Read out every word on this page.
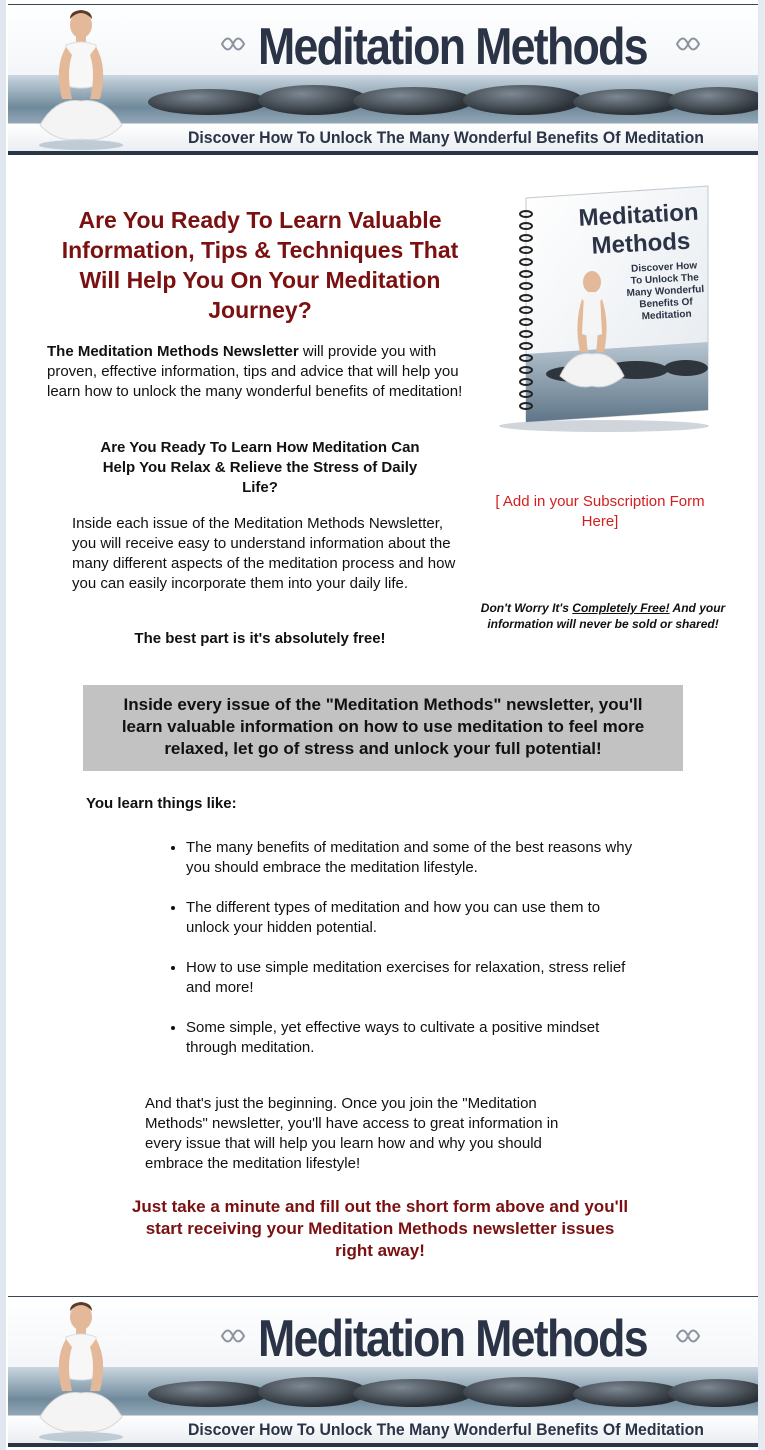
Meditation Methods
Discover How To Unlock The Many Wonderful Benefits Of Meditation
Are You Ready To Learn Valuable Information, Tips & Techniques That Will Help You On Your Meditation Journey?

The Meditation Methods Newsletter will provide you with proven, effective information, tips and advice that will help you learn how to unlock the many wonderful benefits of meditation!

Are You Ready To Learn How Meditation Can Help You Relax & Relieve the Stress of Daily Life?

Inside each issue of the Meditation Methods Newsletter, you will receive easy to understand information about the many different aspects of the meditation process and how you can easily incorporate them into your daily life.

The best part is it's absolutely free!

Meditation
Methods
Discover How To Unlock The Many Wonderful Benefits Of Meditation
[ Add in your Subscription Form Here]
Don't Worry It's Completely Free! And your information will never be sold or shared!
Inside every issue of the "Meditation Methods" newsletter, you'll learn valuable information on how to use meditation to feel more relaxed, let go of stress and unlock your full potential!
You learn things like:
• The many benefits of meditation and some of the best reasons why you should embrace the meditation lifestyle.
• The different types of meditation and how you can use them to unlock your hidden potential.
• How to use simple meditation exercises for relaxation, stress relief and more!
• Some simple, yet effective ways to cultivate a positive mindset through meditation.

And that's just the beginning. Once you join the "Meditation Methods" newsletter, you'll have access to great information in every issue that will help you learn how and why you should embrace the meditation lifestyle!

Just take a minute and fill out the short form above and you'll start receiving your Meditation Methods newsletter issues right away!

Meditation Methods
Discover How To Unlock The Many Wonderful Benefits Of Meditation
